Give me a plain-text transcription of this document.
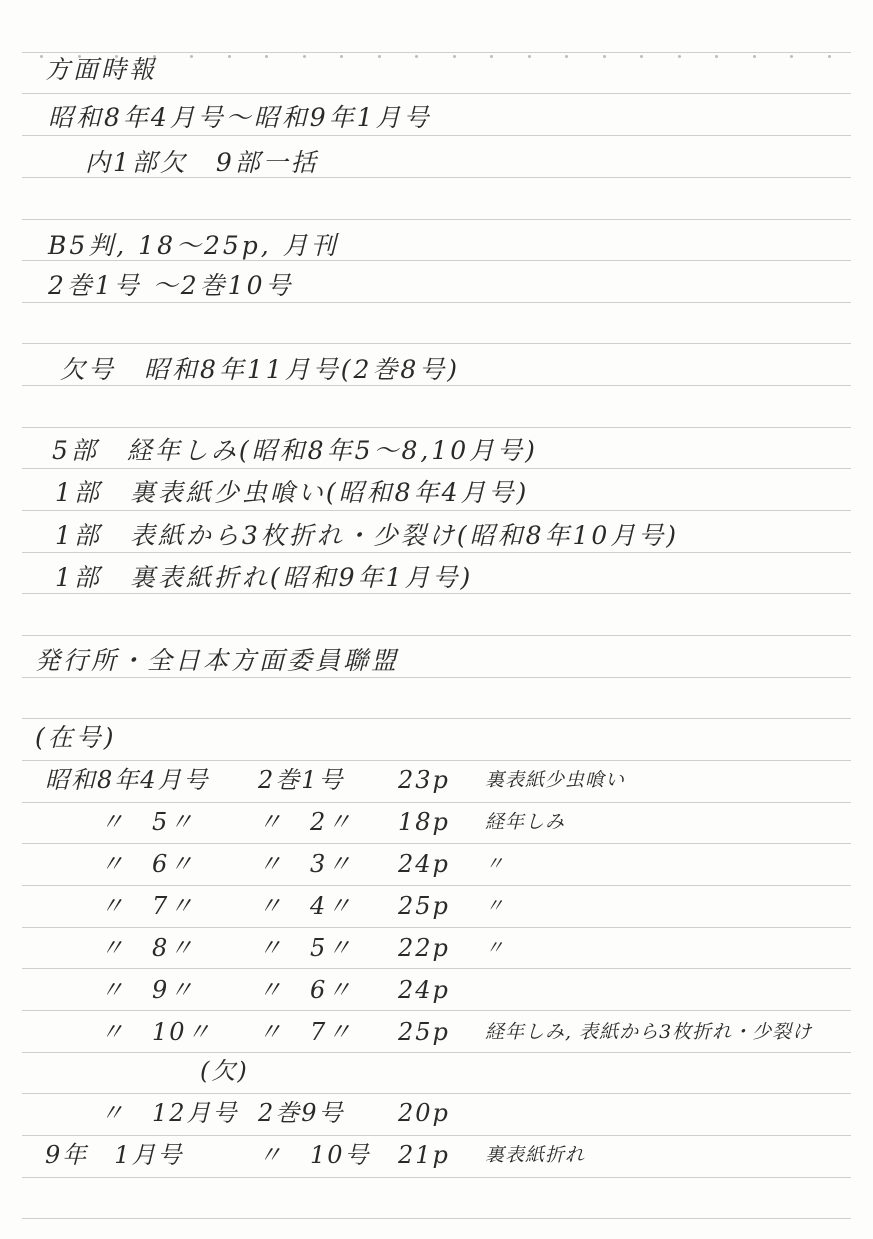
方面時報
昭和8年4月号～昭和9年1月号
内1部欠　9部一括
B5判, 18～25p, 月刊
2巻1号 ～2巻10号
欠号　昭和8年11月号(2巻8号)
5部　経年しみ(昭和8年5～8,10月号)
1部　裏表紙少虫喰い(昭和8年4月号)
1部　表紙から3枚折れ・少裂け(昭和8年10月号)
1部　裏表紙折れ(昭和9年1月号)
発行所・全日本方面委員聯盟
(在号)
昭和8年4月号 2巻1号 23p 裏表紙少虫喰い
〃　5〃	〃　2〃 18p 経年しみ
〃　6〃	〃　3〃 24p 〃
〃　7〃	〃　4〃 25p 〃
〃　8〃	〃　5〃 22p 〃
〃　9〃	〃　6〃 24p
〃　10〃 〃　7〃 25p 経年しみ, 表紙から3枚折れ・少裂け
(欠)
〃　12月号 2巻9号 20p
9年　1月号	〃　10号 21p 裏表紙折れ
